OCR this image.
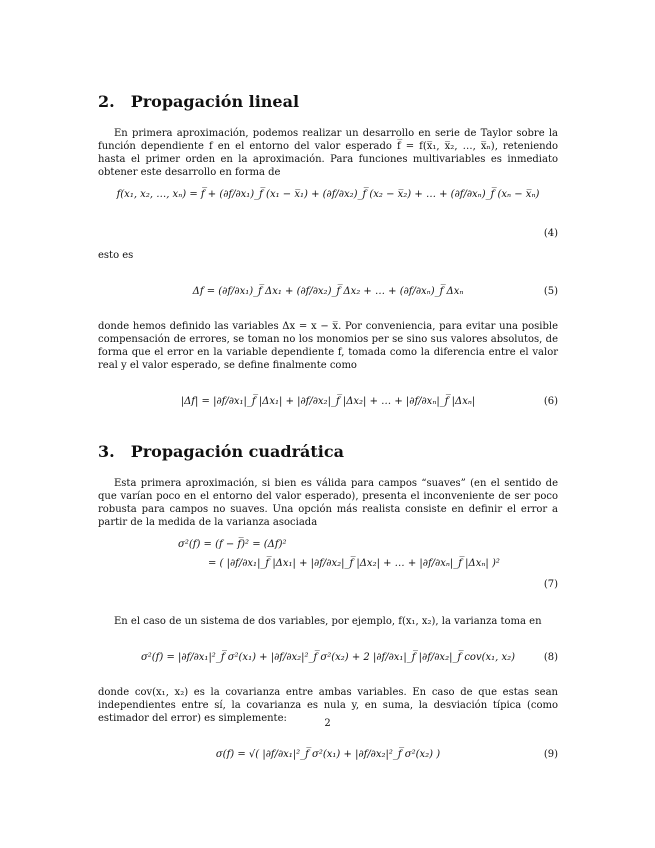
2. Propagación lineal

En primera aproximación, podemos realizar un desarrollo en serie de Taylor sobre la función dependiente f en el entorno del valor esperado f̅ = f(x̅₁, x̅₂, …, x̅ₙ), reteniendo hasta el primer orden en la aproximación. Para funciones multivariables es inmediato obtener este desarrollo en forma de

f(x₁, x₂, …, xₙ) = f̅ + (∂f/∂x₁)_f̅ (x₁ − x̅₁) + (∂f/∂x₂)_f̅ (x₂ − x̅₂) + … + (∂f/∂xₙ)_f̅ (xₙ − x̅ₙ)
(4)

esto es

Δf = (∂f/∂x₁)_f̅ Δx₁ + (∂f/∂x₂)_f̅ Δx₂ + … + (∂f/∂xₙ)_f̅ Δxₙ	(5)

donde hemos definido las variables Δx = x − x̅. Por conveniencia, para evitar una posible compensación de errores, se toman no los monomios per se sino sus valores absolutos, de forma que el error en la variable dependiente f, tomada como la diferencia entre el valor real y el valor esperado, se define finalmente como

|Δf| = |∂f/∂x₁|_f̅ |Δx₁| + |∂f/∂x₂|_f̅ |Δx₂| + … + |∂f/∂xₙ|_f̅ |Δxₙ|	(6)
3. Propagación cuadrática

Esta primera aproximación, si bien es válida para campos “suaves” (en el sentido de que varían poco en el entorno del valor esperado), presenta el inconveniente de ser poco robusta para campos no suaves. Una opción más realista consiste en definir el error a partir de la medida de la varianza asociada

σ²(f) = (f − f̅)² = (Δf)²
= ( |∂f/∂x₁|_f̅ |Δx₁| + |∂f/∂x₂|_f̅ |Δx₂| + … + |∂f/∂xₙ|_f̅ |Δxₙ| )²
(7)

En el caso de un sistema de dos variables, por ejemplo, f(x₁, x₂), la varianza toma en

σ²(f) = |∂f/∂x₁|²_f̅ σ²(x₁) + |∂f/∂x₂|²_f̅ σ²(x₂) + 2 |∂f/∂x₁|_f̅ |∂f/∂x₂|_f̅ cov(x₁, x₂)	(8)

donde cov(x₁, x₂) es la covarianza entre ambas variables. En caso de que estas sean independientes entre sí, la covarianza es nula y, en suma, la desviación típica (como estimador del error) es simplemente:

σ(f) = √( |∂f/∂x₁|²_f̅ σ²(x₁) + |∂f/∂x₂|²_f̅ σ²(x₂) )	(9)
2
